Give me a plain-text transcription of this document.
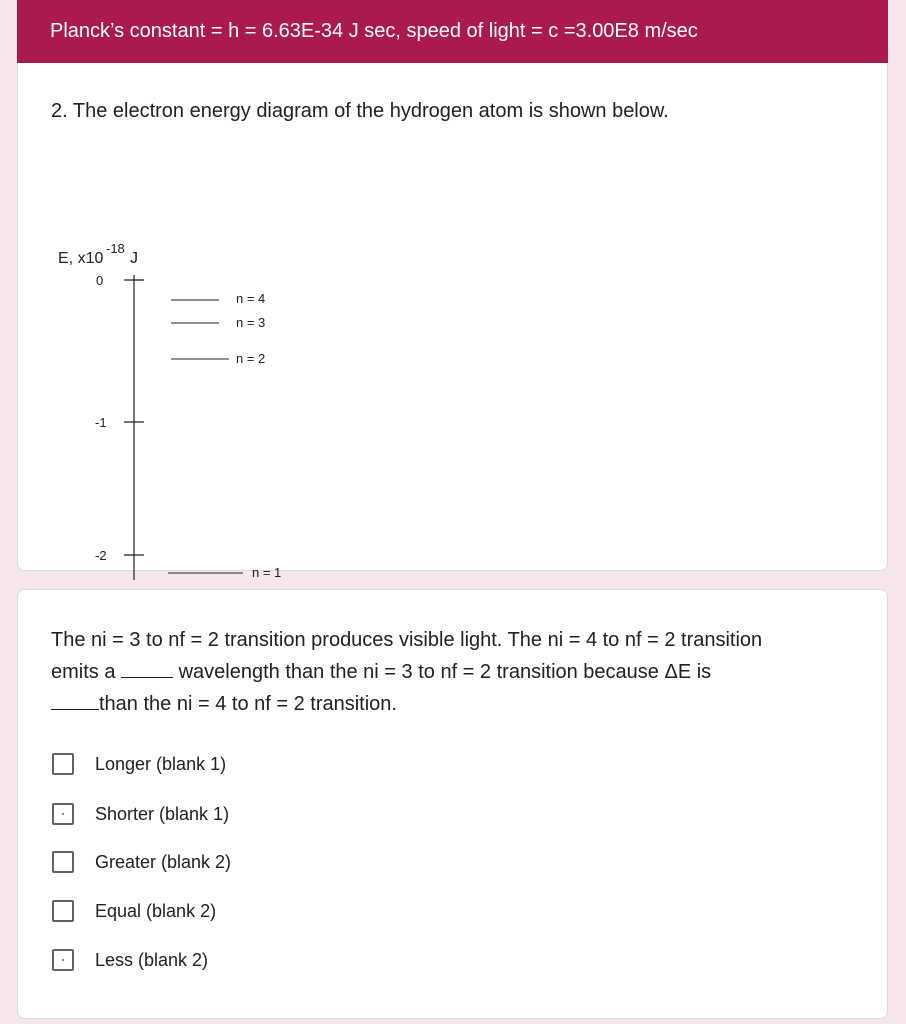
Planck’s constant = h = 6.63E-34 J sec, speed of light = c =3.00E8 m/sec
2. The electron energy diagram of the hydrogen atom is shown below.
E, x10
-18
J
0
-1
-2
n = 4
n = 3
n = 2
n = 1
The ni = 3 to nf = 2 transition produces visible light. The ni = 4 to nf = 2 transition
emits a	wavelength than the ni = 3 to nf = 2 transition because ΔE is
than the ni = 4 to nf = 2 transition.
Longer (blank 1)
Shorter (blank 1)
Greater (blank 2)
Equal (blank 2)
Less (blank 2)
